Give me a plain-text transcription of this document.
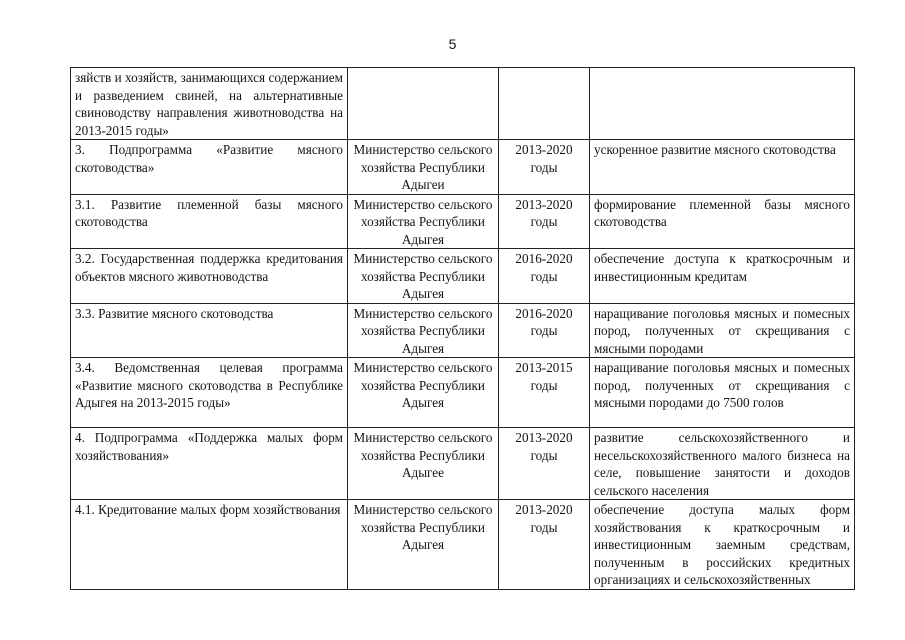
5
зяйств и хозяйств, занимающихся содержанием и разведением свиней, на альтернативные свиноводству направления животноводства на 2013-2015 годы»			
3. Подпрограмма «Развитие мясного скотоводства»	Министерство сельского хозяйства Республики Адыгеи	2013-2020 годы	ускоренное развитие мясного скотоводства
3.1. Развитие племенной базы мясного скотоводства	Министерство сельского хозяйства Республики Адыгея	2013-2020 годы	формирование племенной базы мясного скотоводства
3.2. Государственная поддержка кредитования объектов мясного животноводства	Министерство сельского хозяйства Республики Адыгея	2016-2020 годы	обеспечение доступа к краткосрочным и инвестиционным кредитам
3.3. Развитие мясного скотоводства	Министерство сельского хозяйства Республики Адыгея	2016-2020 годы	наращивание поголовья мясных и помесных пород, полученных от скрещивания с мясными породами
3.4. Ведомственная целевая программа «Развитие мясного скотоводства в Республике Адыгея на 2013-2015 годы»	Министерство сельского хозяйства Республики Адыгея	2013-2015 годы	наращивание поголовья мясных и помесных пород, полученных от скрещивания с мясными породами до 7500 голов
4. Подпрограмма «Поддержка малых форм хозяйствования»	Министерство сельского хозяйства Республики Адыгее	2013-2020 годы	развитие сельскохозяйственного и несельскохозяйственного малого бизнеса на селе, повышение занятости и доходов сельского населения
4.1. Кредитование малых форм хозяйствования	Министерство сельского хозяйства Республики Адыгея	2013-2020 годы	обеспечение доступа малых форм хозяйствования к краткосрочным и инвестиционным заемным средствам, полученным в российских кредитных организациях и сельскохозяйственных
